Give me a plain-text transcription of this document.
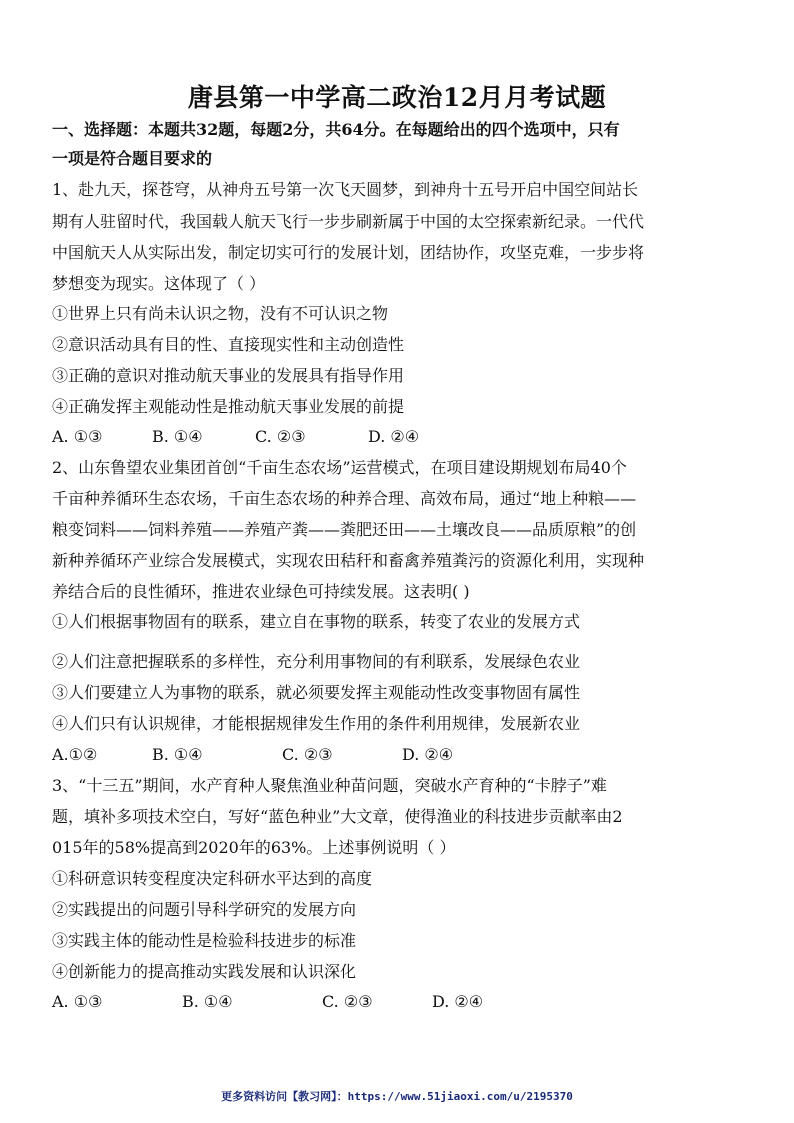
唐县第一中学高二政治12月月考试题
一、选择题：本题共32题，每题2分，共64分。在每题给出的四个选项中，只有
一项是符合题目要求的
1、赴九天，探苍穹，从神舟五号第一次飞天圆梦，到神舟十五号开启中国空间站长
期有人驻留时代，我国载人航天飞行一步步刷新属于中国的太空探索新纪录。一代代
中国航天人从实际出发，制定切实可行的发展计划，团结协作，攻坚克难，一步步将
梦想变为现实。这体现了（ ）
①世界上只有尚未认识之物，没有不可认识之物
②意识活动具有目的性、直接现实性和主动创造性
③正确的意识对推动航天事业的发展具有指导作用
④正确发挥主观能动性是推动航天事业发展的前提
A. ①③	B. ①④	C. ②③	D. ②④
2、山东鲁望农业集团首创“千亩生态农场”运营模式，在项目建设期规划布局40个
千亩种养循环生态农场，千亩生态农场的种养合理、高效布局，通过“地上种粮——
粮变饲料——饲料养殖——养殖产粪——粪肥还田——土壤改良——品质原粮”的创
新种养循环产业综合发展模式，实现农田秸秆和畜禽养殖粪污的资源化利用，实现种
养结合后的良性循环，推进农业绿色可持续发展。这表明( )
①人们根据事物固有的联系，建立自在事物的联系，转变了农业的发展方式
②人们注意把握联系的多样性，充分利用事物间的有利联系，发展绿色农业
③人们要建立人为事物的联系，就必须要发挥主观能动性改变事物固有属性
④人们只有认识规律，才能根据规律发生作用的条件利用规律，发展新农业
A.①②	B. ①④	C. ②③	D. ②④
3、“十三五”期间，水产育种人聚焦渔业种苗问题，突破水产育种的“卡脖子”难
题，填补多项技术空白，写好“蓝色种业”大文章，使得渔业的科技进步贡献率由2
015年的58%提高到2020年的63%。上述事例说明（ ）
①科研意识转变程度决定科研水平达到的高度
②实践提出的问题引导科学研究的发展方向
③实践主体的能动性是检验科技进步的标准
④创新能力的提高推动实践发展和认识深化
A. ①③	B. ①④	C. ②③	D. ②④
更多资料访问【教习网】：https://www.51jiaoxi.com/u/2195370
